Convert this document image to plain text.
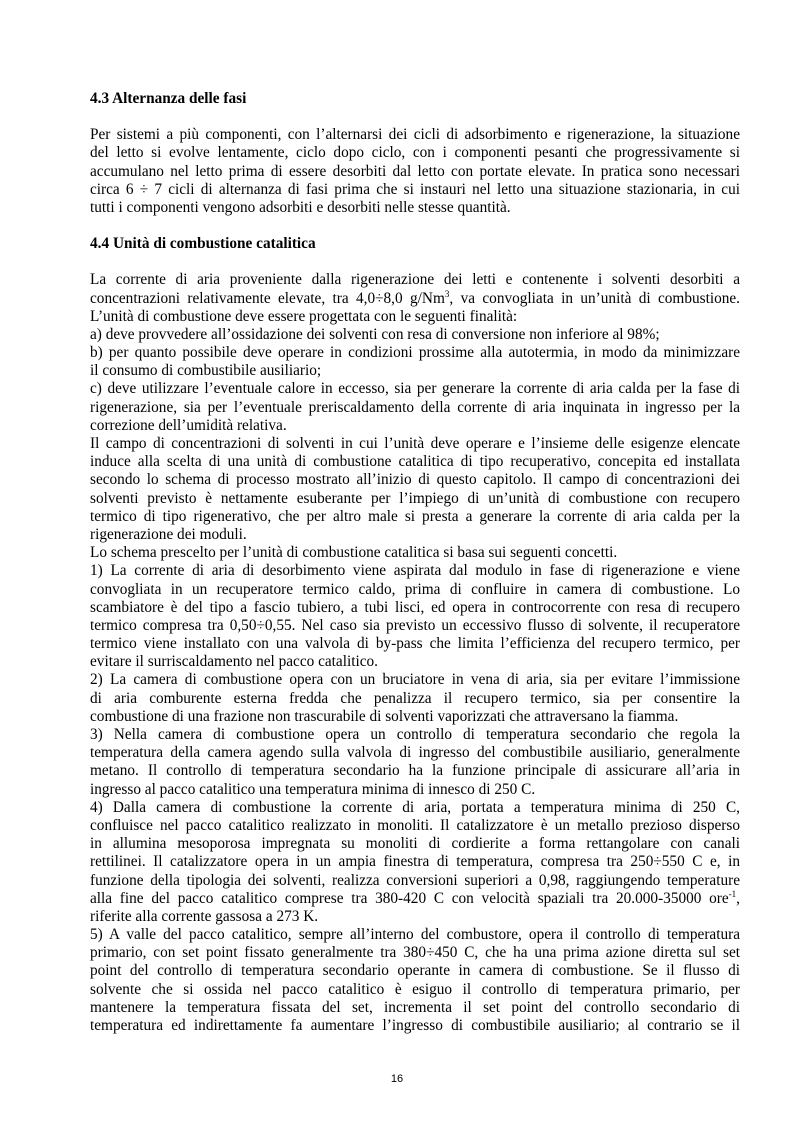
4.3 Alternanza delle fasi
Per sistemi a più componenti, con l’alternarsi dei cicli di adsorbimento e rigenerazione, la situazione
del letto si evolve lentamente, ciclo dopo ciclo, con i componenti pesanti che progressivamente si
accumulano nel letto prima di essere desorbiti dal letto con portate elevate. In pratica sono necessari
circa 6 ÷ 7 cicli di alternanza di fasi prima che si instauri nel letto una situazione stazionaria, in cui
tutti i componenti vengono adsorbiti e desorbiti nelle stesse quantità.
4.4 Unità di combustione catalitica
La corrente di aria proveniente dalla rigenerazione dei letti e contenente i solventi desorbiti a
concentrazioni relativamente elevate, tra 4,0÷8,0 g/Nm$^3$, va convogliata in un’unità di combustione.
L’unità di combustione deve essere progettata con le seguenti finalità:
a) deve provvedere all’ossidazione dei solventi con resa di conversione non inferiore al 98%;
b) per quanto possibile deve operare in condizioni prossime alla autotermia, in modo da minimizzare
il consumo di combustibile ausiliario;
c) deve utilizzare l’eventuale calore in eccesso, sia per generare la corrente di aria calda per la fase di
rigenerazione, sia per l’eventuale preriscaldamento della corrente di aria inquinata in ingresso per la
correzione dell’umidità relativa.
Il campo di concentrazioni di solventi in cui l’unità deve operare e l’insieme delle esigenze elencate
induce alla scelta di una unità di combustione catalitica di tipo recuperativo, concepita ed installata
secondo lo schema di processo mostrato all’inizio di questo capitolo. Il campo di concentrazioni dei
solventi previsto è nettamente esuberante per l’impiego di un’unità di combustione con recupero
termico di tipo rigenerativo, che per altro male si presta a generare la corrente di aria calda per la
rigenerazione dei moduli.
Lo schema prescelto per l’unità di combustione catalitica si basa sui seguenti concetti.
1) La corrente di aria di desorbimento viene aspirata dal modulo in fase di rigenerazione e viene
convogliata in un recuperatore termico caldo, prima di confluire in camera di combustione. Lo
scambiatore è del tipo a fascio tubiero, a tubi lisci, ed opera in controcorrente con resa di recupero
termico compresa tra 0,50÷0,55. Nel caso sia previsto un eccessivo flusso di solvente, il recuperatore
termico viene installato con una valvola di by-pass che limita l’efficienza del recupero termico, per
evitare il surriscaldamento nel pacco catalitico.
2) La camera di combustione opera con un bruciatore in vena di aria, sia per evitare l’immissione
di aria comburente esterna fredda che penalizza il recupero termico, sia per consentire la
combustione di una frazione non trascurabile di solventi vaporizzati che attraversano la fiamma.
3) Nella camera di combustione opera un controllo di temperatura secondario che regola la
temperatura della camera agendo sulla valvola di ingresso del combustibile ausiliario, generalmente
metano. Il controllo di temperatura secondario ha la funzione principale di assicurare all’aria in
ingresso al pacco catalitico una temperatura minima di innesco di 250 C.
4) Dalla camera di combustione la corrente di aria, portata a temperatura minima di 250 C,
confluisce nel pacco catalitico realizzato in monoliti. Il catalizzatore è un metallo prezioso disperso
in allumina mesoporosa impregnata su monoliti di cordierite a forma rettangolare con canali
rettilinei. Il catalizzatore opera in un ampia finestra di temperatura, compresa tra 250÷550 C e, in
funzione della tipologia dei solventi, realizza conversioni superiori a 0,98, raggiungendo temperature
alla fine del pacco catalitico comprese tra 380-420 C con velocità spaziali tra 20.000-35000 ore$^{-1}$,
riferite alla corrente gassosa a 273 K.
5) A valle del pacco catalitico, sempre all’interno del combustore, opera il controllo di temperatura
primario, con set point fissato generalmente tra 380÷450 C, che ha una prima azione diretta sul set
point del controllo di temperatura secondario operante in camera di combustione. Se il flusso di
solvente che si ossida nel pacco catalitico è esiguo il controllo di temperatura primario, per
mantenere la temperatura fissata del set, incrementa il set point del controllo secondario di
temperatura ed indirettamente fa aumentare l’ingresso di combustibile ausiliario; al contrario se il
16
